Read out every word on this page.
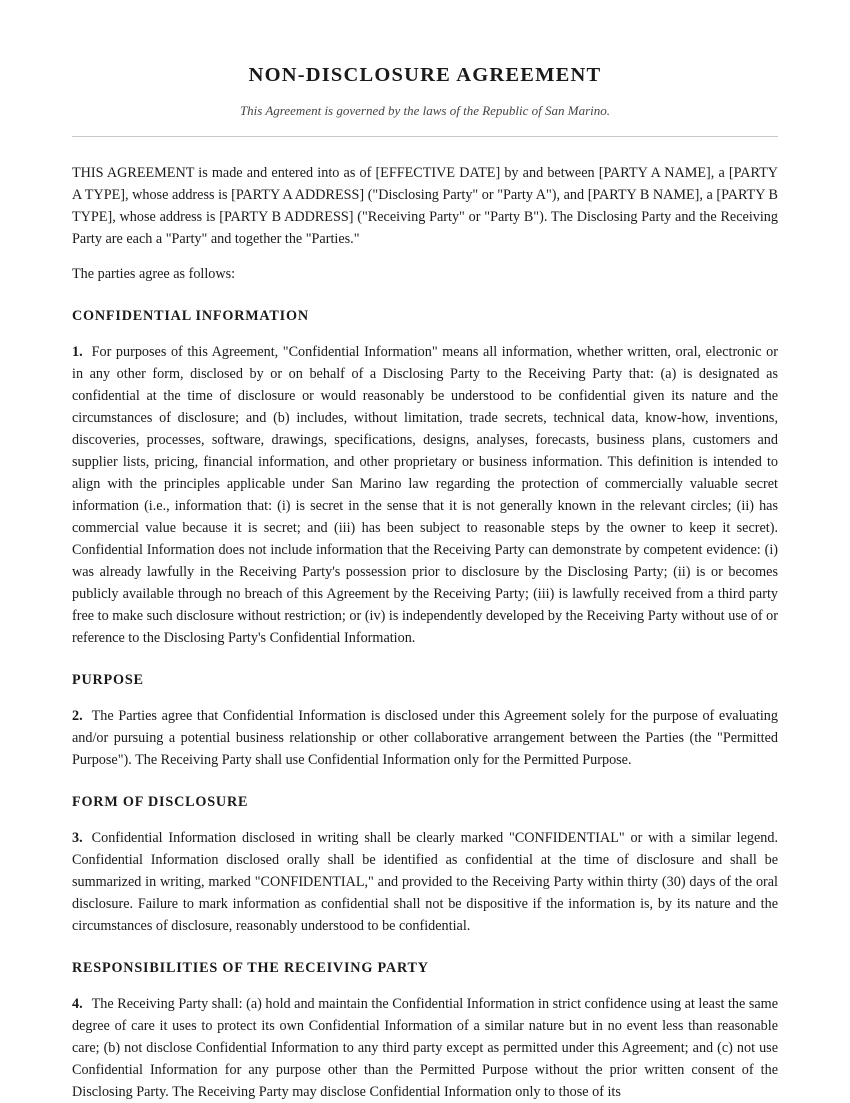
NON-DISCLOSURE AGREEMENT
This Agreement is governed by the laws of the Republic of San Marino.

THIS AGREEMENT is made and entered into as of [EFFECTIVE DATE] by and between [PARTY A NAME], a [PARTY A TYPE], whose address is [PARTY A ADDRESS] ("Disclosing Party" or "Party A"), and [PARTY B NAME], a [PARTY B TYPE], whose address is [PARTY B ADDRESS] ("Receiving Party" or "Party B"). The Disclosing Party and the Receiving Party are each a "Party" and together the "Parties."

The parties agree as follows:

CONFIDENTIAL INFORMATION

1. For purposes of this Agreement, "Confidential Information" means all information, whether written, oral, electronic or in any other form, disclosed by or on behalf of a Disclosing Party to the Receiving Party that: (a) is designated as confidential at the time of disclosure or would reasonably be understood to be confidential given its nature and the circumstances of disclosure; and (b) includes, without limitation, trade secrets, technical data, know-how, inventions, discoveries, processes, software, drawings, specifications, designs, analyses, forecasts, business plans, customers and supplier lists, pricing, financial information, and other proprietary or business information. This definition is intended to align with the principles applicable under San Marino law regarding the protection of commercially valuable secret information (i.e., information that: (i) is secret in the sense that it is not generally known in the relevant circles; (ii) has commercial value because it is secret; and (iii) has been subject to reasonable steps by the owner to keep it secret). Confidential Information does not include information that the Receiving Party can demonstrate by competent evidence: (i) was already lawfully in the Receiving Party's possession prior to disclosure by the Disclosing Party; (ii) is or becomes publicly available through no breach of this Agreement by the Receiving Party; (iii) is lawfully received from a third party free to make such disclosure without restriction; or (iv) is independently developed by the Receiving Party without use of or reference to the Disclosing Party's Confidential Information.

PURPOSE

2. The Parties agree that Confidential Information is disclosed under this Agreement solely for the purpose of evaluating and/or pursuing a potential business relationship or other collaborative arrangement between the Parties (the "Permitted Purpose"). The Receiving Party shall use Confidential Information only for the Permitted Purpose.

FORM OF DISCLOSURE

3. Confidential Information disclosed in writing shall be clearly marked "CONFIDENTIAL" or with a similar legend. Confidential Information disclosed orally shall be identified as confidential at the time of disclosure and shall be summarized in writing, marked "CONFIDENTIAL," and provided to the Receiving Party within thirty (30) days of the oral disclosure. Failure to mark information as confidential shall not be dispositive if the information is, by its nature and the circumstances of disclosure, reasonably understood to be confidential.

RESPONSIBILITIES OF THE RECEIVING PARTY

4. The Receiving Party shall: (a) hold and maintain the Confidential Information in strict confidence using at least the same degree of care it uses to protect its own Confidential Information of a similar nature but in no event less than reasonable care; (b) not disclose Confidential Information to any third party except as permitted under this Agreement; and (c) not use Confidential Information for any purpose other than the Permitted Purpose without the prior written consent of the Disclosing Party. The Receiving Party may disclose Confidential Information only to those of its
